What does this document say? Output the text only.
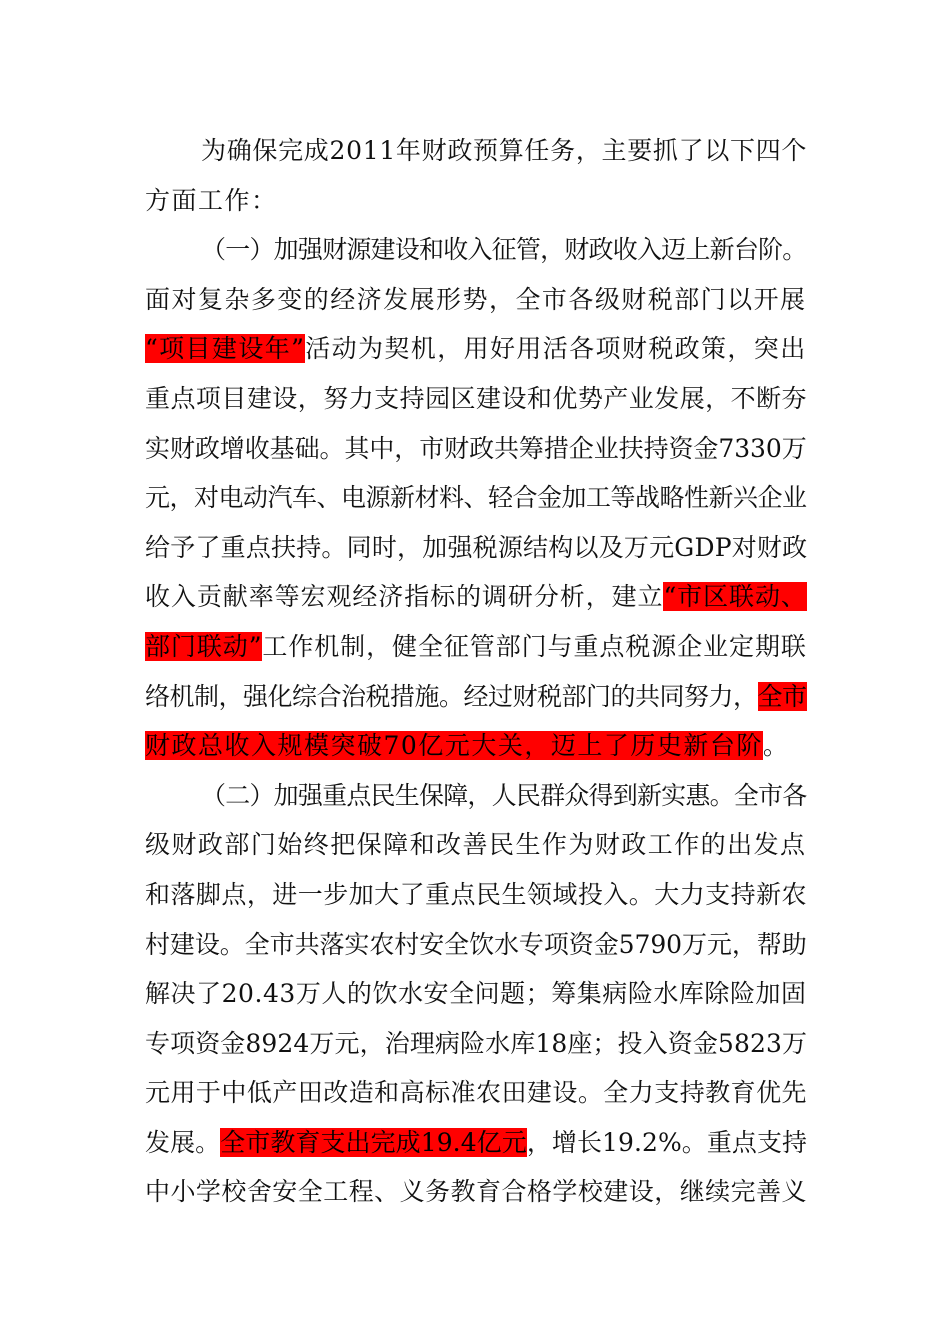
为确保完成2011年财政预算任务，主要抓了以下四个
方面工作：
（一）加强财源建设和收入征管，财政收入迈上新台阶。
面对复杂多变的经济发展形势，全市各级财税部门以开展
“项目建设年”活动为契机，用好用活各项财税政策，突出
重点项目建设，努力支持园区建设和优势产业发展，不断夯
实财政增收基础。其中，市财政共筹措企业扶持资金7330万
元，对电动汽车、电源新材料、轻合金加工等战略性新兴企业
给予了重点扶持。同时，加强税源结构以及万元GDP对财政
收入贡献率等宏观经济指标的调研分析，建立“市区联动、
部门联动”工作机制，健全征管部门与重点税源企业定期联
络机制，强化综合治税措施。经过财税部门的共同努力，全市
财政总收入规模突破70亿元大关，迈上了历史新台阶。
（二）加强重点民生保障，人民群众得到新实惠。全市各
级财政部门始终把保障和改善民生作为财政工作的出发点
和落脚点，进一步加大了重点民生领域投入。大力支持新农
村建设。全市共落实农村安全饮水专项资金5790万元，帮助
解决了20.43万人的饮水安全问题；筹集病险水库除险加固
专项资金8924万元，治理病险水库18座；投入资金5823万
元用于中低产田改造和高标准农田建设。全力支持教育优先
发展。全市教育支出完成19.4亿元，增长19.2%。重点支持
中小学校舍安全工程、义务教育合格学校建设，继续完善义
